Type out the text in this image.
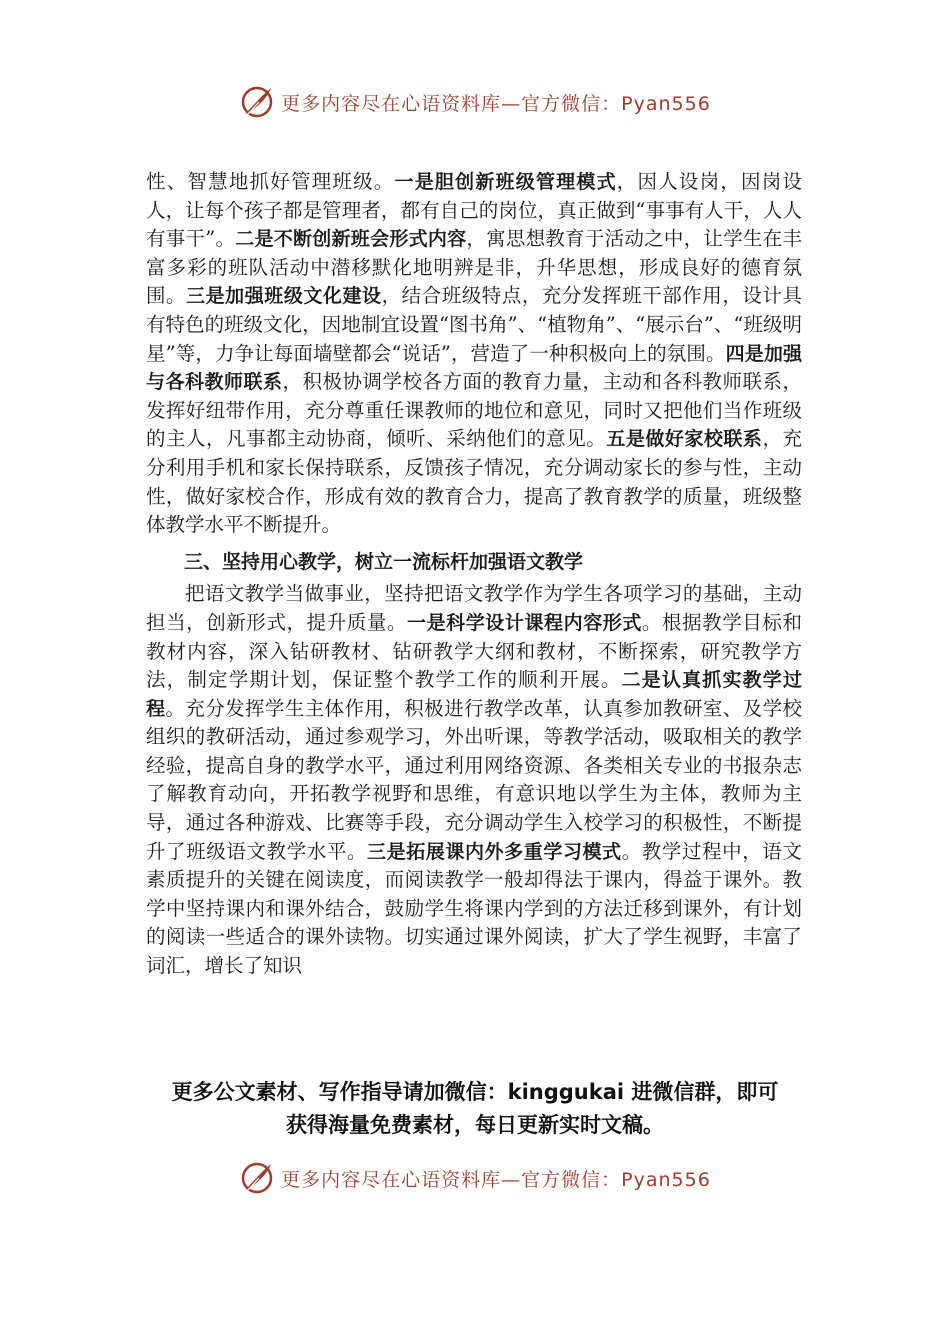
更多内容尽在心语资料库—官方微信：Pyan556

性、智慧地抓好管理班级。一是胆创新班级管理模式，因人设岗，因岗设人，让每个孩子都是管理者，都有自己的岗位，真正做到“事事有人干，人人有事干”。二是不断创新班会形式内容，寓思想教育于活动之中，让学生在丰富多彩的班队活动中潜移默化地明辨是非，升华思想，形成良好的德育氛围。三是加强班级文化建设，结合班级特点，充分发挥班干部作用，设计具有特色的班级文化，因地制宜设置“图书角”、“植物角”、“展示台”、“班级明星”等，力争让每面墙壁都会“说话”，营造了一种积极向上的氛围。四是加强与各科教师联系，积极协调学校各方面的教育力量，主动和各科教师联系，发挥好纽带作用，充分尊重任课教师的地位和意见，同时又把他们当作班级的主人，凡事都主动协商，倾听、采纳他们的意见。五是做好家校联系，充分利用手机和家长保持联系，反馈孩子情况，充分调动家长的参与性，主动性，做好家校合作，形成有效的教育合力，提高了教育教学的质量，班级整体教学水平不断提升。

三、坚持用心教学，树立一流标杆加强语文教学

把语文教学当做事业，坚持把语文教学作为学生各项学习的基础，主动担当，创新形式，提升质量。一是科学设计课程内容形式。根据教学目标和教材内容，深入钻研教材、钻研教学大纲和教材，不断探索，研究教学方法，制定学期计划，保证整个教学工作的顺利开展。二是认真抓实教学过程。充分发挥学生主体作用，积极进行教学改革，认真参加教研室、及学校组织的教研活动，通过参观学习，外出听课，等教学活动，吸取相关的教学经验，提高自身的教学水平，通过利用网络资源、各类相关专业的书报杂志了解教育动向，开拓教学视野和思维，有意识地以学生为主体，教师为主导，通过各种游戏、比赛等手段，充分调动学生入校学习的积极性，不断提升了班级语文教学水平。三是拓展课内外多重学习模式。教学过程中，语文素质提升的关键在阅读度，而阅读教学一般却得法于课内，得益于课外。教学中坚持课内和课外结合，鼓励学生将课内学到的方法迁移到课外，有计划的阅读一些适合的课外读物。切实通过课外阅读，扩大了学生视野，丰富了词汇，增长了知识

更多公文素材、写作指导请加微信：kinggukai 进微信群，即可
获得海量免费素材，每日更新实时文稿。
更多内容尽在心语资料库—官方微信：Pyan556
